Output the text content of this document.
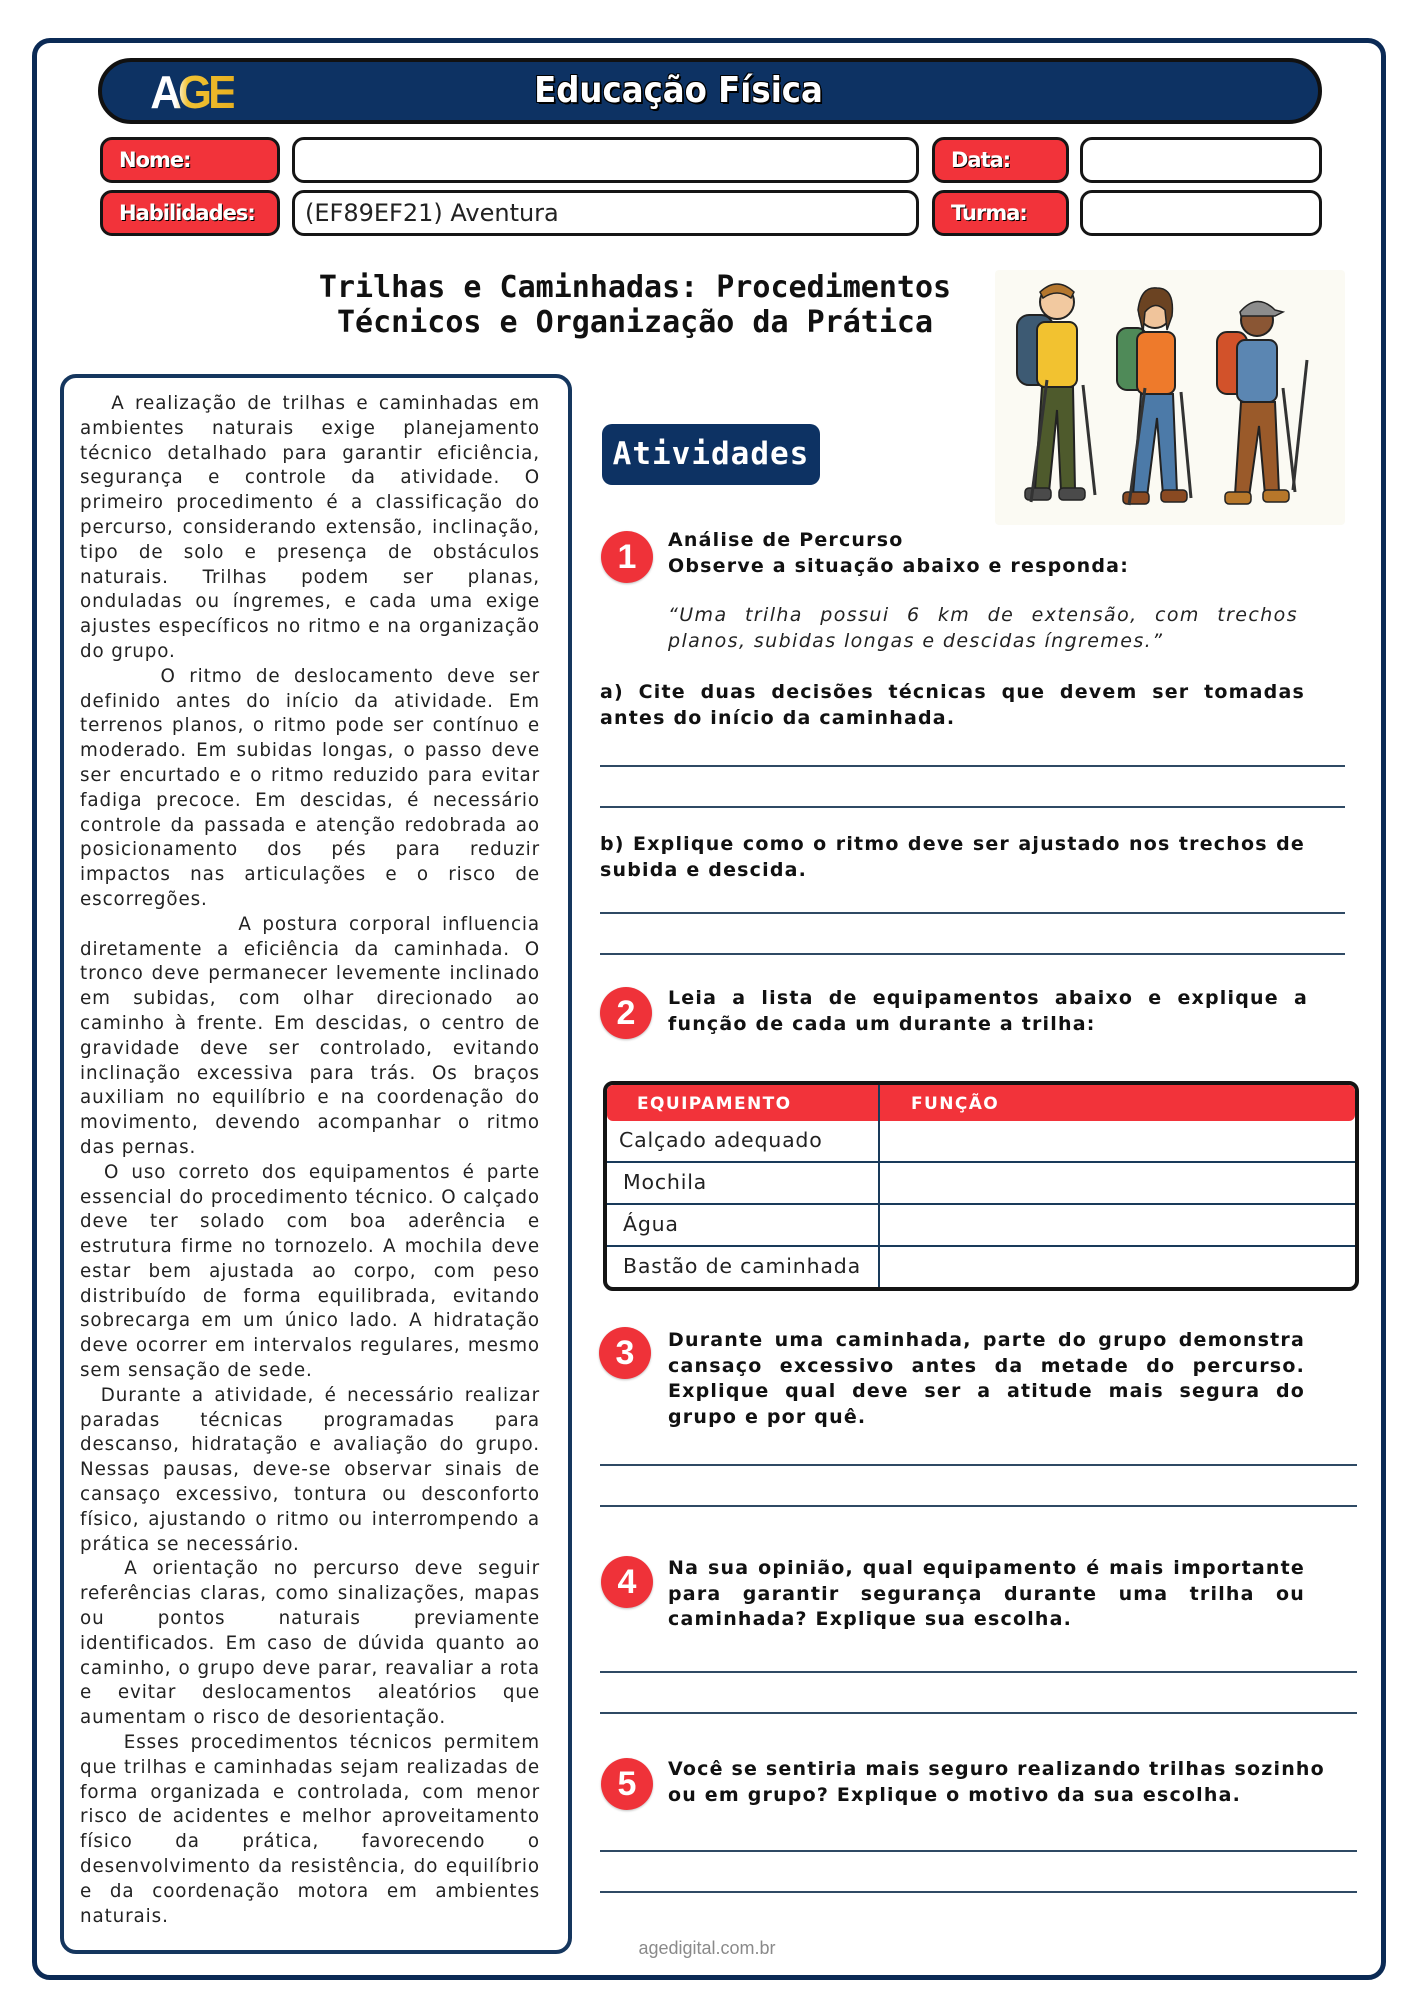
AGE	Educação Física
Nome:	Data:
Habilidades:	(EF89EF21) Aventura	Turma:
Trilhas e Caminhadas: Procedimentos
Técnicos e Organização da Prática

A realização de trilhas e caminhadas em ambientes naturais exige planejamento técnico detalhado para garantir eficiência, segurança e controle da atividade. O primeiro procedimento é a classificação do percurso, considerando extensão, inclinação, tipo de solo e presença de obstáculos naturais. Trilhas podem ser planas, onduladas ou íngremes, e cada uma exige ajustes específicos no ritmo e na organização do grupo.

O ritmo de deslocamento deve ser definido antes do início da atividade. Em terrenos planos, o ritmo pode ser contínuo e moderado. Em subidas longas, o passo deve ser encurtado e o ritmo reduzido para evitar fadiga precoce. Em descidas, é necessário controle da passada e atenção redobrada ao posicionamento dos pés para reduzir impactos nas articulações e o risco de escorregões.

A postura corporal influencia diretamente a eficiência da caminhada. O tronco deve permanecer levemente inclinado em subidas, com olhar direcionado ao caminho à frente. Em descidas, o centro de gravidade deve ser controlado, evitando inclinação excessiva para trás. Os braços auxiliam no equilíbrio e na coordenação do movimento, devendo acompanhar o ritmo das pernas.

O uso correto dos equipamentos é parte essencial do procedimento técnico. O calçado deve ter solado com boa aderência e estrutura firme no tornozelo. A mochila deve estar bem ajustada ao corpo, com peso distribuído de forma equilibrada, evitando sobrecarga em um único lado. A hidratação deve ocorrer em intervalos regulares, mesmo sem sensação de sede.

Durante a atividade, é necessário realizar paradas técnicas programadas para descanso, hidratação e avaliação do grupo. Nessas pausas, deve-se observar sinais de cansaço excessivo, tontura ou desconforto físico, ajustando o ritmo ou interrompendo a prática se necessário.

A orientação no percurso deve seguir referências claras, como sinalizações, mapas ou pontos naturais previamente identificados. Em caso de dúvida quanto ao caminho, o grupo deve parar, reavaliar a rota e evitar deslocamentos aleatórios que aumentam o risco de desorientação.

Esses procedimentos técnicos permitem que trilhas e caminhadas sejam realizadas de forma organizada e controlada, com menor risco de acidentes e melhor aproveitamento físico da prática, favorecendo o desenvolvimento da resistência, do equilíbrio e da coordenação motora em ambientes naturais.

Atividades
1	Análise de Percurso
Observe a situação abaixo e responda:
“Uma trilha possui 6 km de extensão, com trechos planos, subidas longas e descidas íngremes.”
a) Cite duas decisões técnicas que devem ser tomadas antes do início da caminhada.
b) Explique como o ritmo deve ser ajustado nos trechos de subida e descida.
2	Leia a lista de equipamentos abaixo e explique a função de cada um durante a trilha:
EQUIPAMENTO	FUNÇÃO
Calçado adequado
Mochila
Água
Bastão de caminhada
3	Durante uma caminhada, parte do grupo demonstra cansaço excessivo antes da metade do percurso. Explique qual deve ser a atitude mais segura do grupo e por quê.
4	Na sua opinião, qual equipamento é mais importante para garantir segurança durante uma trilha ou caminhada? Explique sua escolha.
5	Você se sentiria mais seguro realizando trilhas sozinho ou em grupo? Explique o motivo da sua escolha.
agedigital.com.br
